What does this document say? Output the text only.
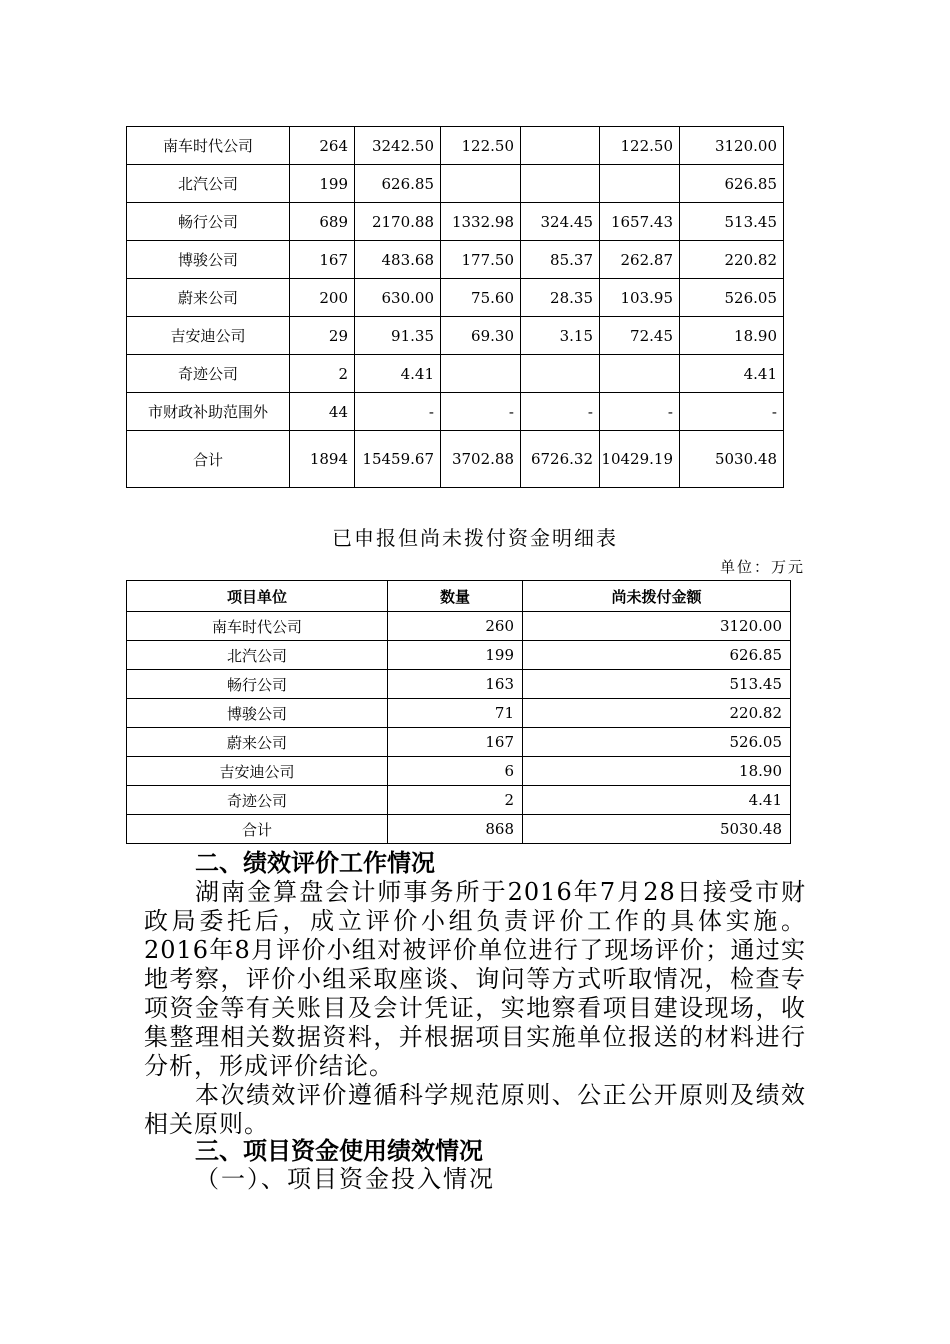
南车时代公司	264	3242.50	122.50		122.50	3120.00
北汽公司	199	626.85				626.85
畅行公司	689	2170.88	1332.98	324.45	1657.43	513.45
博骏公司	167	483.68	177.50	85.37	262.87	220.82
蔚来公司	200	630.00	75.60	28.35	103.95	526.05
吉安迪公司	29	91.35	69.30	3.15	72.45	18.90
奇迹公司	2	4.41				4.41
市财政补助范围外	44	-	-	-	-	-
合计	1894	15459.67	3702.88	6726.32	10429.19	5030.48
已申报但尚未拨付资金明细表
单位：万元
项目单位	数量	尚未拨付金额
南车时代公司	260	3120.00
北汽公司	199	626.85
畅行公司	163	513.45
博骏公司	71	220.82
蔚来公司	167	526.05
吉安迪公司	6	18.90
奇迹公司	2	4.41
合计	868	5030.48
二、绩效评价工作情况

湖南金算盘会计师事务所于2016年7月28日接受市财政局委托后，成立评价小组负责评价工作的具体实施。2016年8月评价小组对被评价单位进行了现场评价；通过实地考察，评价小组采取座谈、询问等方式听取情况，检查专项资金等有关账目及会计凭证，实地察看项目建设现场，收集整理相关数据资料，并根据项目实施单位报送的材料进行分析，形成评价结论。

本次绩效评价遵循科学规范原则、公正公开原则及绩效相关原则。

三、项目资金使用绩效情况
（一）、项目资金投入情况
